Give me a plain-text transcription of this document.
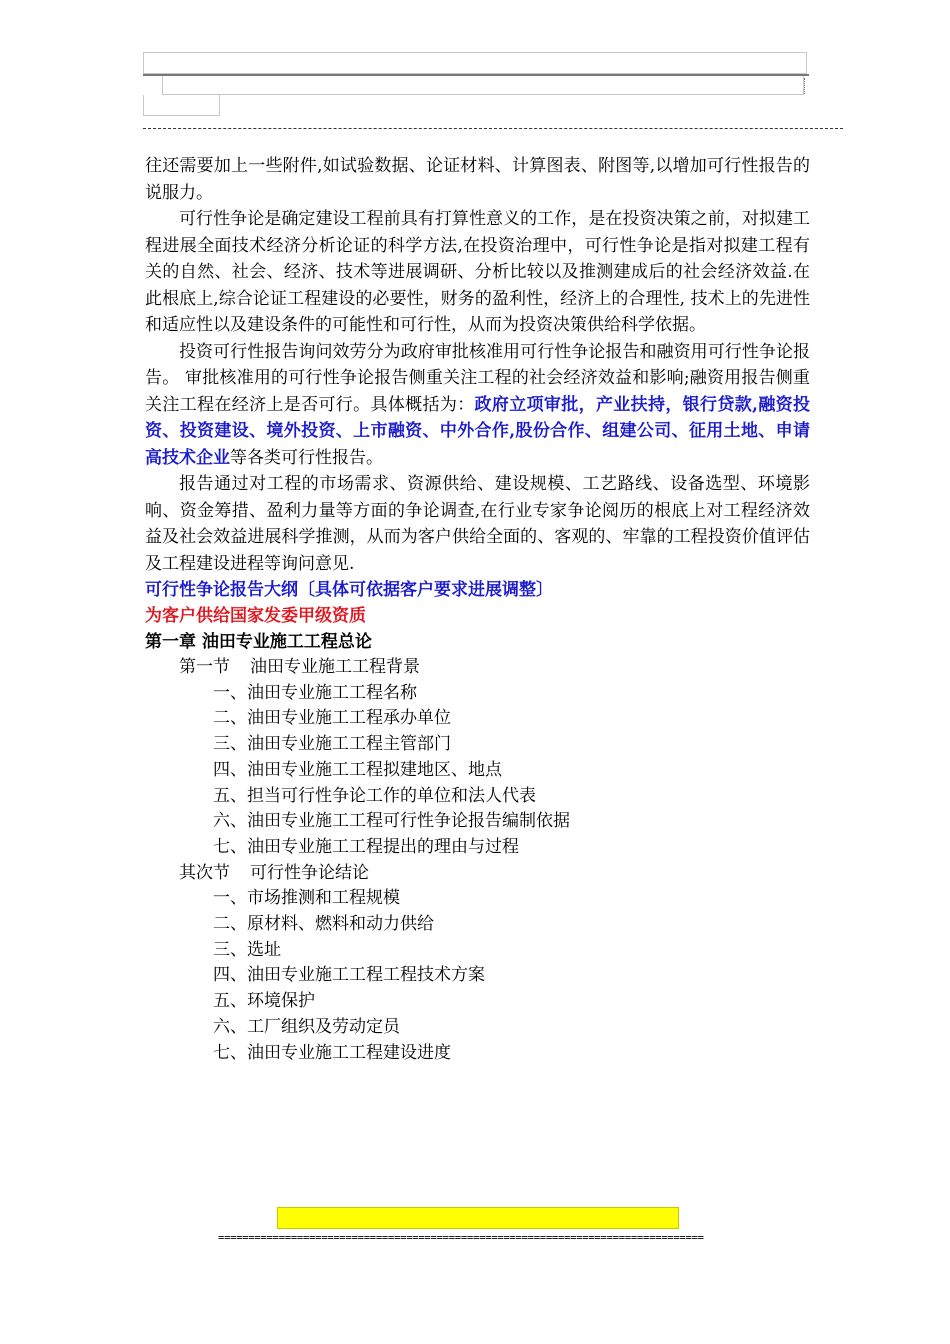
往还需要加上一些附件,如试验数据、论证材料、计算图表、附图等,以增加可行性报告的说服力。

可行性争论是确定建设工程前具有打算性意义的工作，是在投资决策之前，对拟建工程进展全面技术经济分析论证的科学方法,在投资治理中，可行性争论是指对拟建工程有关的自然、社会、经济、技术等进展调研、分析比较以及推测建成后的社会经济效益.在此根底上,综合论证工程建设的必要性，财务的盈利性，经济上的合理性, 技术上的先进性和适应性以及建设条件的可能性和可行性，从而为投资决策供给科学依据。

投资可行性报告询问效劳分为政府审批核准用可行性争论报告和融资用可行性争论报告。 审批核准用的可行性争论报告侧重关注工程的社会经济效益和影响;融资用报告侧重关注工程在经济上是否可行。具体概括为：政府立项审批，产业扶持，银行贷款,融资投资、投资建设、境外投资、上市融资、中外合作,股份合作、组建公司、征用土地、申请高技术企业等各类可行性报告。

报告通过对工程的市场需求、资源供给、建设规模、工艺路线、设备选型、环境影响、资金筹措、盈利力量等方面的争论调查,在行业专家争论阅历的根底上对工程经济效益及社会效益进展科学推测，从而为客户供给全面的、客观的、牢靠的工程投资价值评估及工程建设进程等询问意见.

可行性争论报告大纲〔具体可依据客户要求进展调整〕

为客户供给国家发委甲级资质

第一章 油田专业施工工程总论

第一节 油田专业施工工程背景

一、油田专业施工工程名称

二、油田专业施工工程承办单位

三、油田专业施工工程主管部门

四、油田专业施工工程拟建地区、地点

五、担当可行性争论工作的单位和法人代表

六、油田专业施工工程可行性争论报告编制依据

七、油田专业施工工程提出的理由与过程

其次节 可行性争论结论

一、市场推测和工程规模

二、原材料、燃料和动力供给

三、选址

四、油田专业施工工程工程技术方案

五、环境保护

六、工厂组织及劳动定员

七、油田专业施工工程建设进度

================================================================================
